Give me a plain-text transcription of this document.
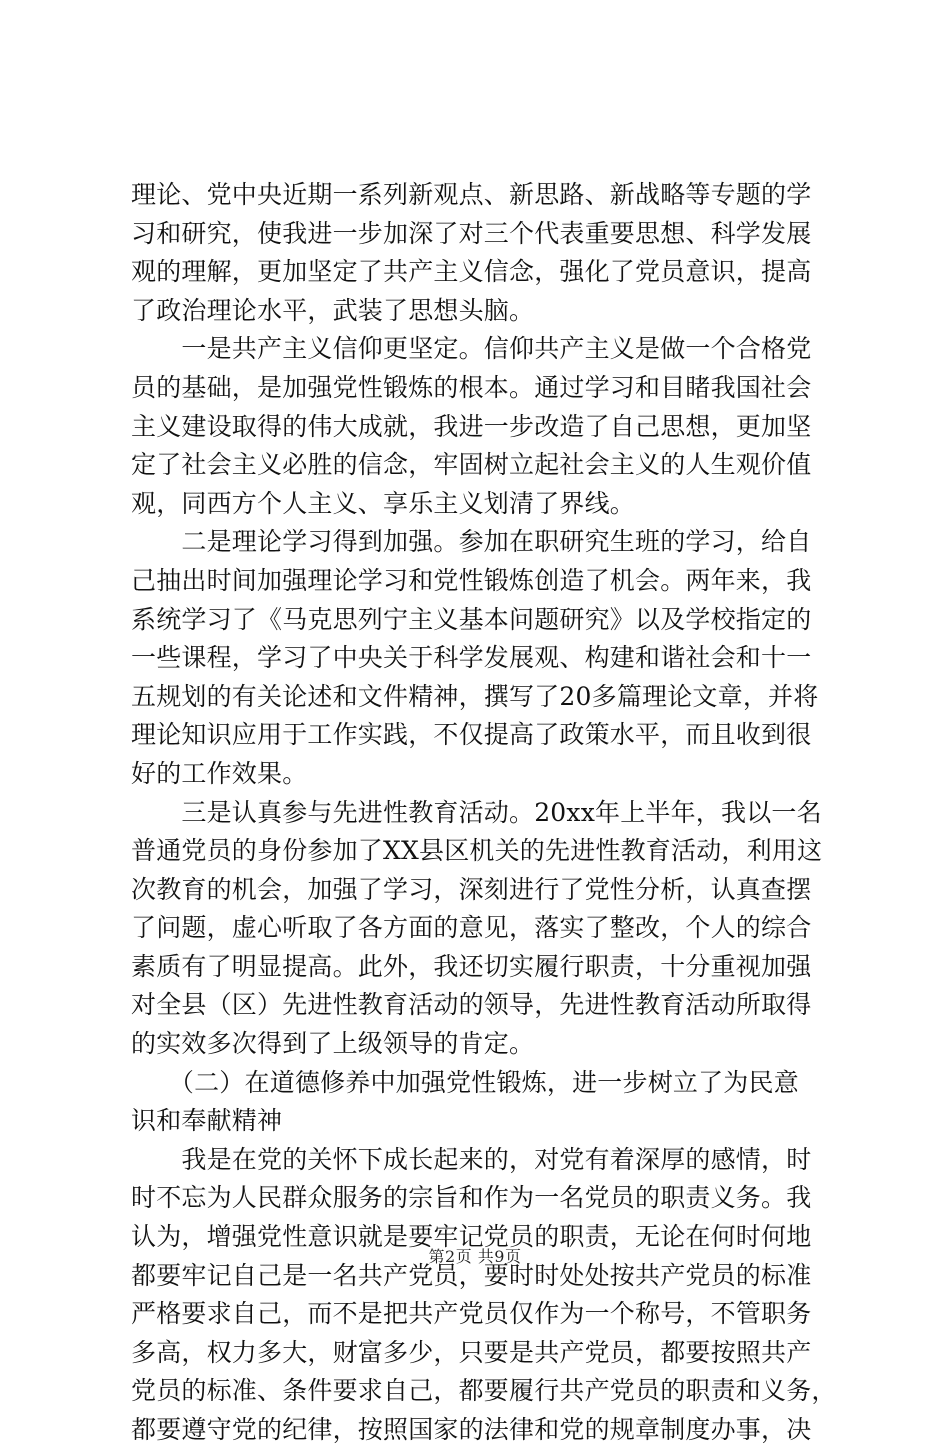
理论、党中央近期一系列新观点、新思路、新战略等专题的学
习和研究，使我进一步加深了对三个代表重要思想、科学发展
观的理解，更加坚定了共产主义信念，强化了党员意识，提高
了政治理论水平，武装了思想头脑。
　　一是共产主义信仰更坚定。信仰共产主义是做一个合格党
员的基础，是加强党性锻炼的根本。通过学习和目睹我国社会
主义建设取得的伟大成就，我进一步改造了自己思想，更加坚
定了社会主义必胜的信念，牢固树立起社会主义的人生观价值
观，同西方个人主义、享乐主义划清了界线。
　　二是理论学习得到加强。参加在职研究生班的学习，给自
己抽出时间加强理论学习和党性锻炼创造了机会。两年来，我
系统学习了《马克思列宁主义基本问题研究》以及学校指定的
一些课程，学习了中央关于科学发展观、构建和谐社会和十一
五规划的有关论述和文件精神，撰写了20多篇理论文章，并将
理论知识应用于工作实践，不仅提高了政策水平，而且收到很
好的工作效果。
　　三是认真参与先进性教育活动。20xx年上半年，我以一名
普通党员的身份参加了XX县区机关的先进性教育活动，利用这
次教育的机会，加强了学习，深刻进行了党性分析，认真查摆
了问题，虚心听取了各方面的意见，落实了整改，个人的综合
素质有了明显提高。此外，我还切实履行职责，十分重视加强
对全县（区）先进性教育活动的领导，先进性教育活动所取得
的实效多次得到了上级领导的肯定。
　　（二）在道德修养中加强党性锻炼，进一步树立了为民意
识和奉献精神
　　我是在党的关怀下成长起来的，对党有着深厚的感情，时
时不忘为人民群众服务的宗旨和作为一名党员的职责义务。我
认为，增强党性意识就是要牢记党员的职责，无论在何时何地
都要牢记自己是一名共产党员，要时时处处按共产党员的标准
严格要求自己，而不是把共产党员仅作为一个称号，不管职务
多高，权力多大，财富多少，只要是共产党员，都要按照共产
党员的标准、条件要求自己，都要履行共产党员的职责和义务，
都要遵守党的纪律，按照国家的法律和党的规章制度办事，决
第2页 共9页
